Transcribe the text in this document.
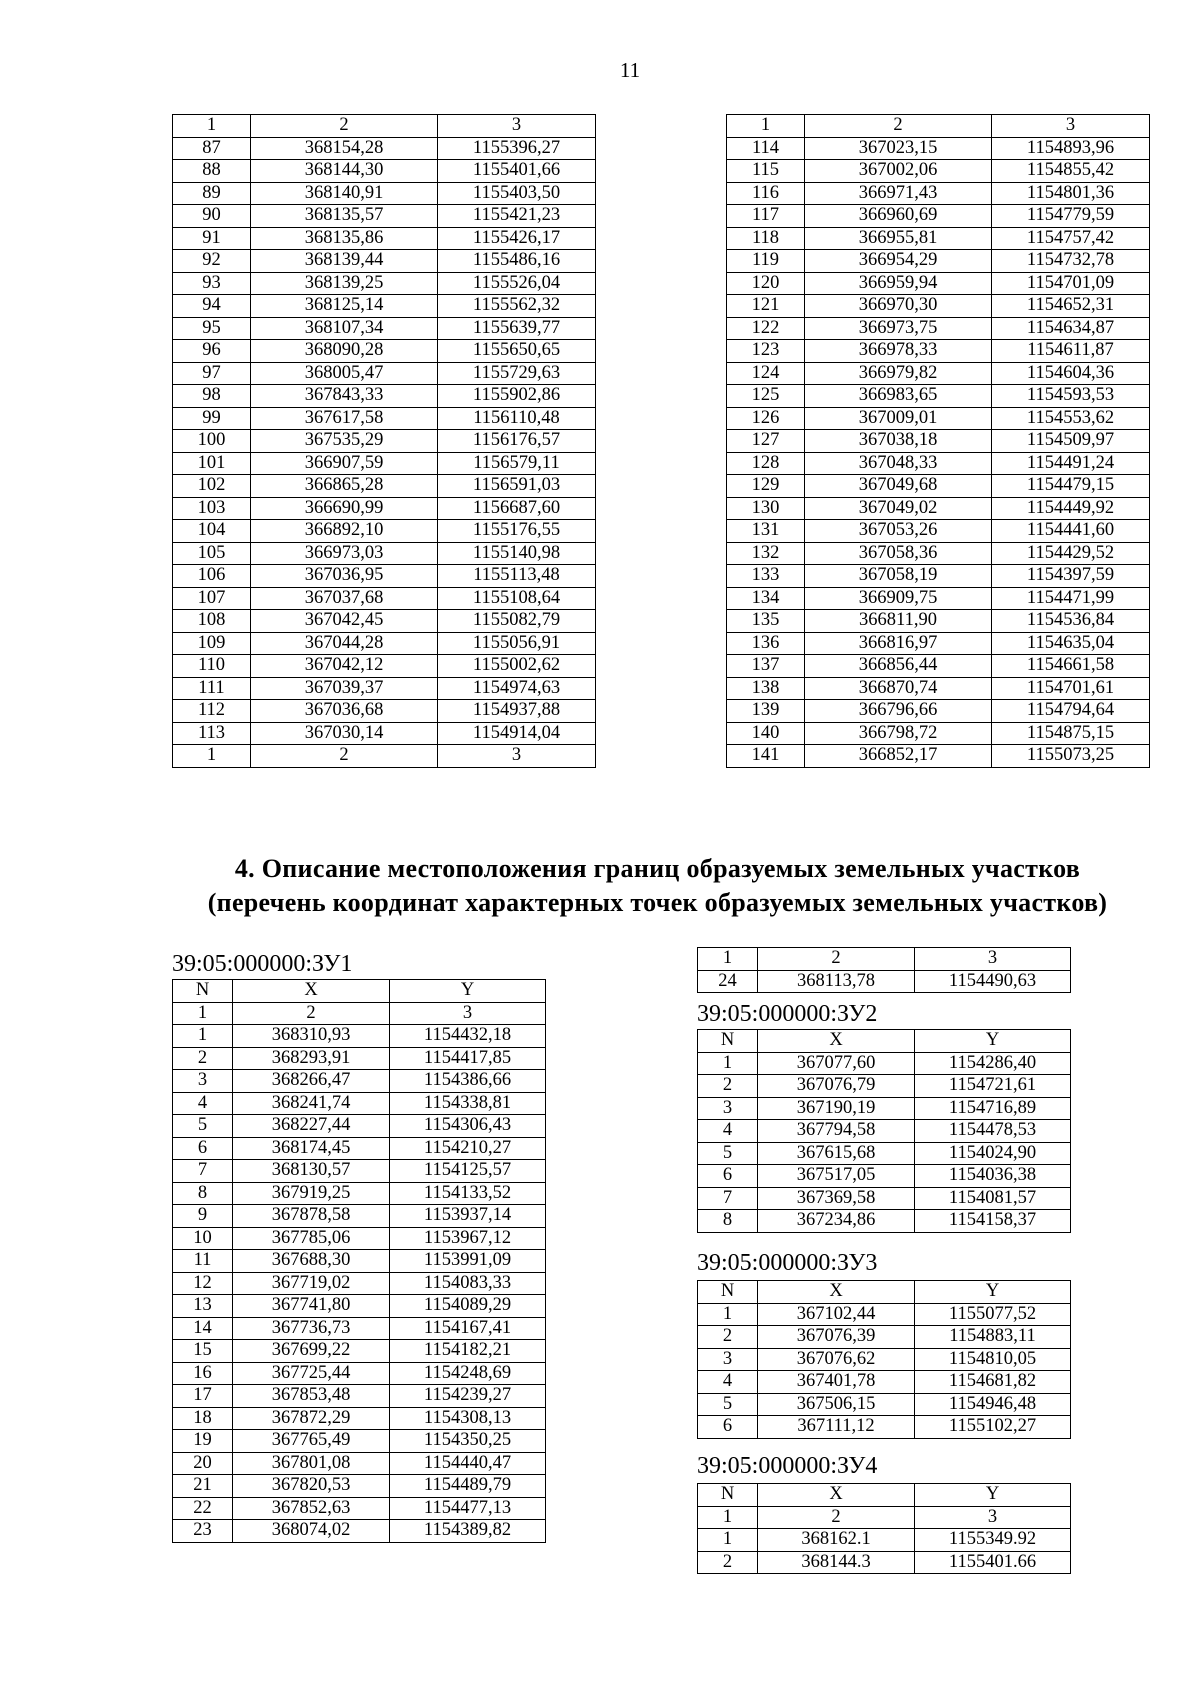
11
1	2	3
87	368154,28	1155396,27
88	368144,30	1155401,66
89	368140,91	1155403,50
90	368135,57	1155421,23
91	368135,86	1155426,17
92	368139,44	1155486,16
93	368139,25	1155526,04
94	368125,14	1155562,32
95	368107,34	1155639,77
96	368090,28	1155650,65
97	368005,47	1155729,63
98	367843,33	1155902,86
99	367617,58	1156110,48
100	367535,29	1156176,57
101	366907,59	1156579,11
102	366865,28	1156591,03
103	366690,99	1156687,60
104	366892,10	1155176,55
105	366973,03	1155140,98
106	367036,95	1155113,48
107	367037,68	1155108,64
108	367042,45	1155082,79
109	367044,28	1155056,91
110	367042,12	1155002,62
111	367039,37	1154974,63
112	367036,68	1154937,88
113	367030,14	1154914,04
1	2	3
1	2	3
114	367023,15	1154893,96
115	367002,06	1154855,42
116	366971,43	1154801,36
117	366960,69	1154779,59
118	366955,81	1154757,42
119	366954,29	1154732,78
120	366959,94	1154701,09
121	366970,30	1154652,31
122	366973,75	1154634,87
123	366978,33	1154611,87
124	366979,82	1154604,36
125	366983,65	1154593,53
126	367009,01	1154553,62
127	367038,18	1154509,97
128	367048,33	1154491,24
129	367049,68	1154479,15
130	367049,02	1154449,92
131	367053,26	1154441,60
132	367058,36	1154429,52
133	367058,19	1154397,59
134	366909,75	1154471,99
135	366811,90	1154536,84
136	366816,97	1154635,04
137	366856,44	1154661,58
138	366870,74	1154701,61
139	366796,66	1154794,64
140	366798,72	1154875,15
141	366852,17	1155073,25
4. Описание местоположения границ образуемых земельных участков
(перечень координат характерных точек образуемых земельных участков)
39:05:000000:ЗУ1
N	X	Y
1	2	3
1	368310,93	1154432,18
2	368293,91	1154417,85
3	368266,47	1154386,66
4	368241,74	1154338,81
5	368227,44	1154306,43
6	368174,45	1154210,27
7	368130,57	1154125,57
8	367919,25	1154133,52
9	367878,58	1153937,14
10	367785,06	1153967,12
11	367688,30	1153991,09
12	367719,02	1154083,33
13	367741,80	1154089,29
14	367736,73	1154167,41
15	367699,22	1154182,21
16	367725,44	1154248,69
17	367853,48	1154239,27
18	367872,29	1154308,13
19	367765,49	1154350,25
20	367801,08	1154440,47
21	367820,53	1154489,79
22	367852,63	1154477,13
23	368074,02	1154389,82
1	2	3
24	368113,78	1154490,63
39:05:000000:ЗУ2
N	X	Y
1	367077,60	1154286,40
2	367076,79	1154721,61
3	367190,19	1154716,89
4	367794,58	1154478,53
5	367615,68	1154024,90
6	367517,05	1154036,38
7	367369,58	1154081,57
8	367234,86	1154158,37
39:05:000000:ЗУ3
N	X	Y
1	367102,44	1155077,52
2	367076,39	1154883,11
3	367076,62	1154810,05
4	367401,78	1154681,82
5	367506,15	1154946,48
6	367111,12	1155102,27
39:05:000000:ЗУ4
N	X	Y
1	2	3
1	368162.1	1155349.92
2	368144.3	1155401.66
